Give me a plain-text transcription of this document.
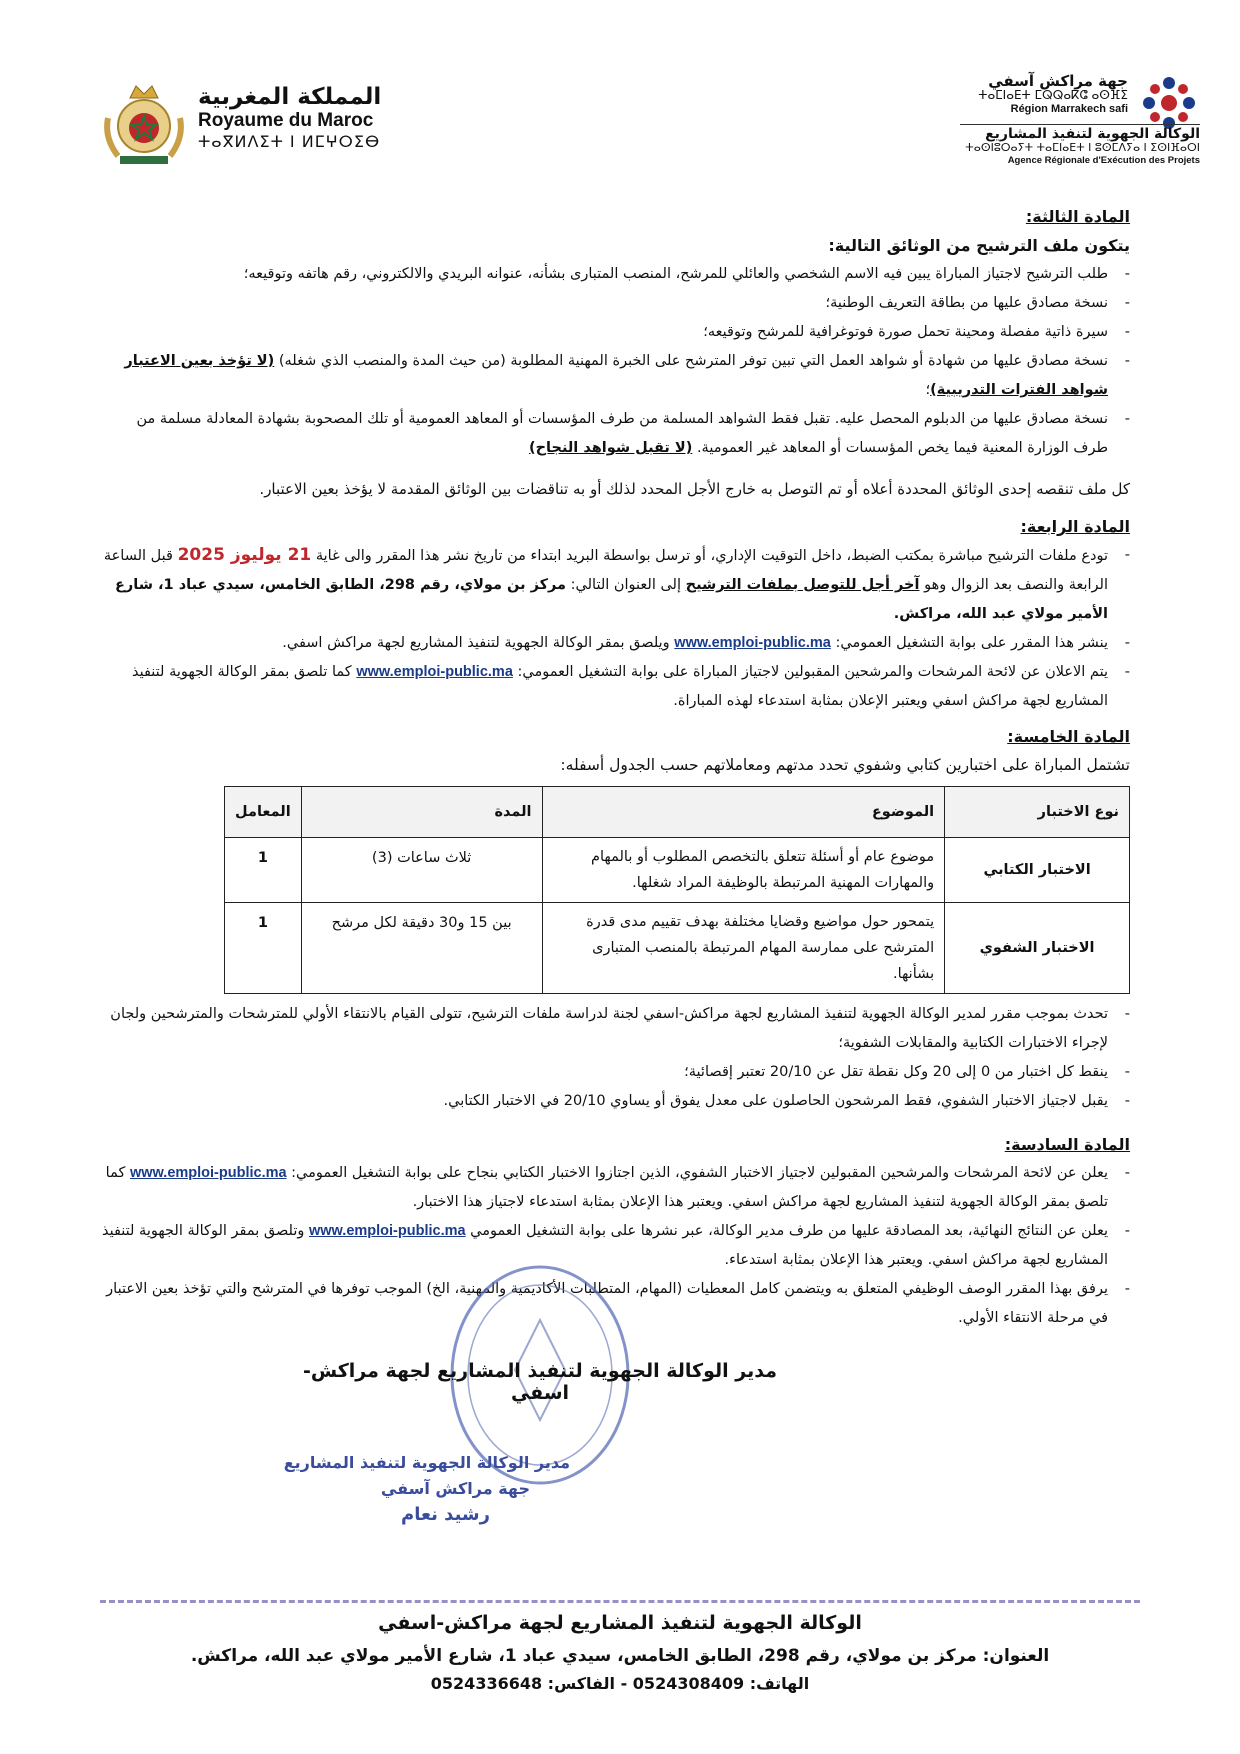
المملكة المغربية
Royaume du Maroc
ⵜⴰⴳⵍⴷⵉⵜ ⵏ ⵍⵎⵖⵔⵉⴱ
جهة مراكش آسفي
ⵜⴰⵎⵏⴰⴹⵜ ⵎⵕⵕⴰⴽⵛ ⴰⵙⴼⵉ
Région Marrakech safi
الوكالة الجهوية لتنفيذ المشاريع
ⵜⴰⵙⵏⵓⵔⴰⵢⵜ ⵜⴰⵎⵏⴰⴹⵜ ⵏ ⵓⵙⵎⴷⵢⴰ ⵏ ⵉⵙⵏⴼⴰⵔⵏ
Agence Régionale d'Exécution des Projets
المادة الثالثة:
يتكون ملف الترشيح من الوثائق التالية:
- طلب الترشيح لاجتياز المباراة يبين فيه الاسم الشخصي والعائلي للمرشح، المنصب المتبارى بشأنه، عنوانه البريدي والالكتروني، رقم هاتفه وتوقيعه؛
- نسخة مصادق عليها من بطاقة التعريف الوطنية؛
- سيرة ذاتية مفصلة ومحينة تحمل صورة فوتوغرافية للمرشح وتوقيعه؛
- نسخة مصادق عليها من شهادة أو شواهد العمل التي تبين توفر المترشح على الخبرة المهنية المطلوبة (من حيث المدة والمنصب الذي شغله) (لا تؤخذ بعين الاعتبار شواهد الفترات التدريبية)؛
- نسخة مصادق عليها من الدبلوم المحصل عليه. تقبل فقط الشواهد المسلمة من طرف المؤسسات أو المعاهد العمومية أو تلك المصحوبة بشهادة المعادلة مسلمة من طرف الوزارة المعنية فيما يخص المؤسسات أو المعاهد غير العمومية. (لا تقبل شواهد النجاح)
كل ملف تنقصه إحدى الوثائق المحددة أعلاه أو تم التوصل به خارج الأجل المحدد لذلك أو به تناقضات بين الوثائق المقدمة لا يؤخذ بعين الاعتبار.
المادة الرابعة:
- تودع ملفات الترشيح مباشرة بمكتب الضبط، داخل التوقيت الإداري، أو ترسل بواسطة البريد ابتداء من تاريخ نشر هذا المقرر والى غاية 21 يوليوز 2025 قبل الساعة الرابعة والنصف بعد الزوال وهو آخر أجل للتوصل بملفات الترشيح إلى العنوان التالي: مركز بن مولاي، رقم 298، الطابق الخامس، سيدي عباد 1، شارع الأمير مولاي عبد الله، مراكش.
- ينشر هذا المقرر على بوابة التشغيل العمومي: www.emploi-public.ma ويلصق بمقر الوكالة الجهوية لتنفيذ المشاريع لجهة مراكش اسفي.
- يتم الاعلان عن لائحة المرشحات والمرشحين المقبولين لاجتياز المباراة على بوابة التشغيل العمومي: www.emploi-public.ma كما تلصق بمقر الوكالة الجهوية لتنفيذ المشاريع لجهة مراكش اسفي ويعتبر الإعلان بمثابة استدعاء لهذه المباراة.
المادة الخامسة:
تشتمل المباراة على اختبارين كتابي وشفوي تحدد مدتهم ومعاملاتهم حسب الجدول أسفله:
نوع الاختبار	الموضوع	المدة	المعامل
الاختبار الكتابي	موضوع عام أو أسئلة تتعلق بالتخصص المطلوب أو بالمهام والمهارات المهنية المرتبطة بالوظيفة المراد شغلها.	ثلاث ساعات (3)	1
الاختبار الشفوي	يتمحور حول مواضيع وقضايا مختلفة بهدف تقييم مدى قدرة المترشح على ممارسة المهام المرتبطة بالمنصب المتبارى بشأنها.	بين 15 و30 دقيقة لكل مرشح	1
- تحدث بموجب مقرر لمدير الوكالة الجهوية لتنفيذ المشاريع لجهة مراكش-اسفي لجنة لدراسة ملفات الترشيح، تتولى القيام بالانتقاء الأولي للمترشحات والمترشحين ولجان لإجراء الاختبارات الكتابية والمقابلات الشفوية؛
- ينقط كل اختبار من 0 إلى 20 وكل نقطة تقل عن 20/10 تعتبر إقصائية؛
- يقبل لاجتياز الاختبار الشفوي، فقط المرشحون الحاصلون على معدل يفوق أو يساوي 20/10 في الاختبار الكتابي.
المادة السادسة:
- يعلن عن لائحة المرشحات والمرشحين المقبولين لاجتياز الاختبار الشفوي، الذين اجتازوا الاختبار الكتابي بنجاح على بوابة التشغيل العمومي: www.emploi-public.ma كما تلصق بمقر الوكالة الجهوية لتنفيذ المشاريع لجهة مراكش اسفي. ويعتبر هذا الإعلان بمثابة استدعاء لاجتياز هذا الاختبار.
- يعلن عن النتائج النهائية، بعد المصادقة عليها من طرف مدير الوكالة، عبر نشرها على بوابة التشغيل العمومي www.emploi-public.ma وتلصق بمقر الوكالة الجهوية لتنفيذ المشاريع لجهة مراكش اسفي. ويعتبر هذا الإعلان بمثابة استدعاء.
- يرفق بهذا المقرر الوصف الوظيفي المتعلق به ويتضمن كامل المعطيات (المهام، المتطلبات الأكاديمية والمهنية، الخ) الموجب توفرها في المترشح والتي تؤخذ بعين الاعتبار في مرحلة الانتقاء الأولي.
مدير الوكالة الجهوية لتنفيذ المشاريع لجهة مراكش-اسفي
مدير الوكالة الجهوية لتنفيذ المشاريع
جهة مراكش آسفي
رشيد نعام
الوكالة الجهوية لتنفيذ المشاريع لجهة مراكش-اسفي
العنوان: مركز بن مولاي، رقم 298، الطابق الخامس، سيدي عباد 1، شارع الأمير مولاي عبد الله، مراكش.
الهاتف: 0524308409 - الفاكس: 0524336648
